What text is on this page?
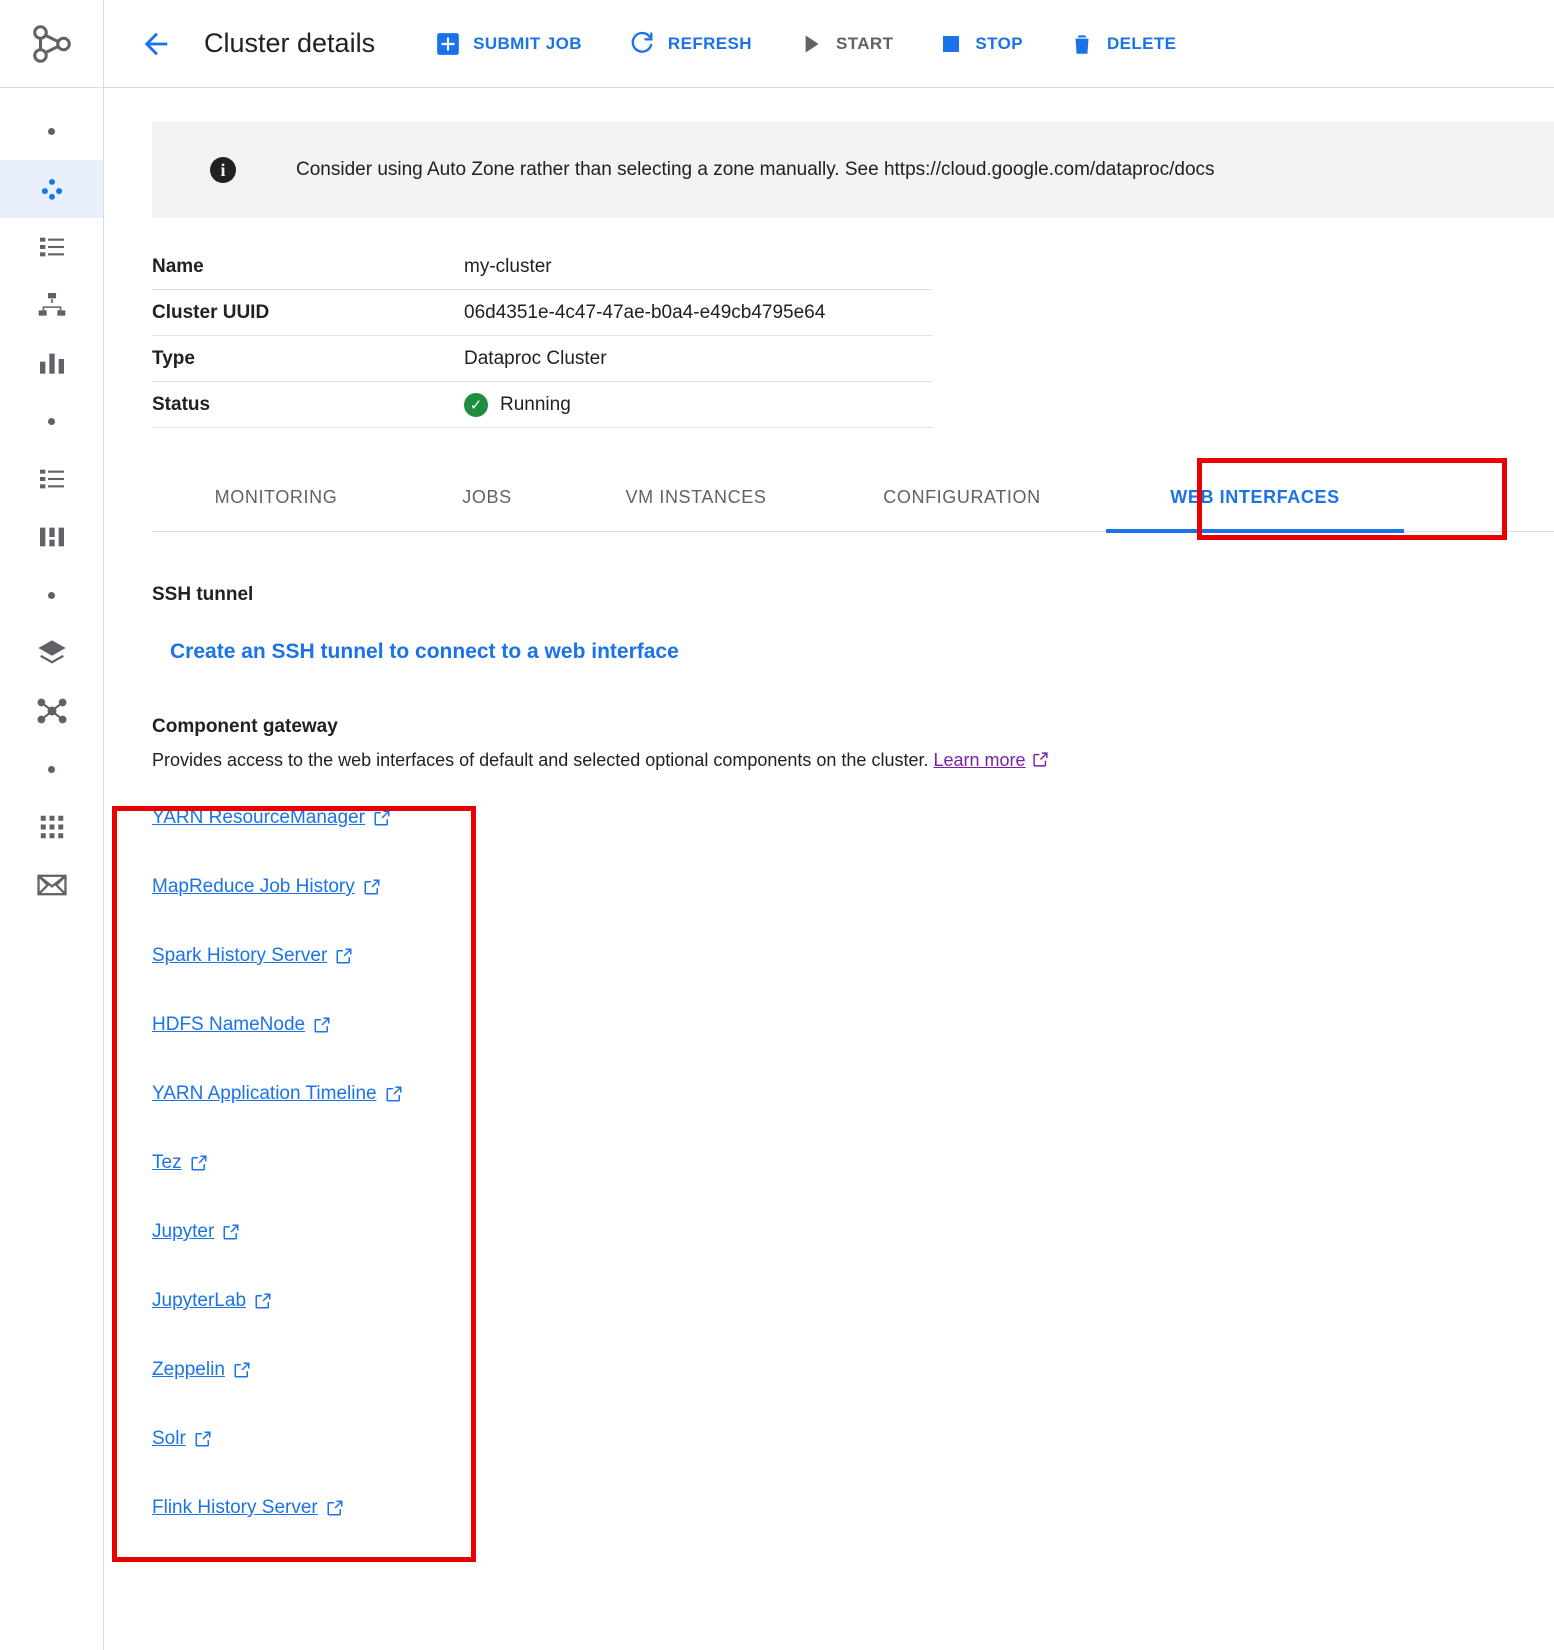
Cluster details	SUBMIT JOB	REFRESH	START	STOP	DELETE
i	Consider using Auto Zone rather than selecting a zone manually. See https://cloud.google.com/dataproc/docs
Name	my-cluster
Cluster UUID	06d4351e-4c47-47ae-b0a4-e49cb4795e64
Type	Dataproc Cluster
Status	✓ Running
MONITORING	JOBS	VM INSTANCES	CONFIGURATION	WEB INTERFACES
SSH tunnel
Create an SSH tunnel to connect to a web interface
Component gateway
Provides access to the web interfaces of default and selected optional components on the cluster. Learn more
YARN ResourceManager
MapReduce Job History
Spark History Server
HDFS NameNode
YARN Application Timeline
Tez
Jupyter
JupyterLab
Zeppelin
Solr
Flink History Server
